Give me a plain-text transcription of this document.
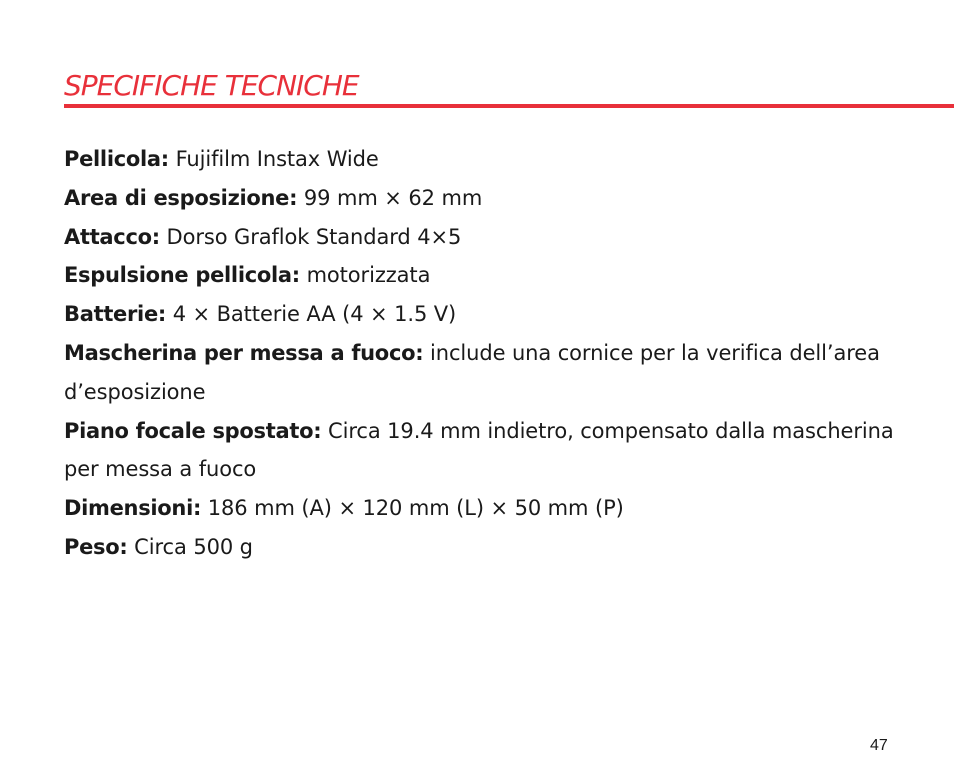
SPECIFICHE TECNICHE
Pellicola: Fujifilm Instax Wide
Area di esposizione: 99 mm × 62 mm
Attacco: Dorso Graflok Standard 4×5
Espulsione pellicola: motorizzata
Batterie: 4 × Batterie AA (4 × 1.5 V)
Mascherina per messa a fuoco: include una cornice per la verifica dell’area d’esposizione
Piano focale spostato: Circa 19.4 mm indietro, compensato dalla mascherina per messa a fuoco
Dimensioni: 186 mm (A) × 120 mm (L) × 50 mm (P)
Peso: Circa 500 g
47
